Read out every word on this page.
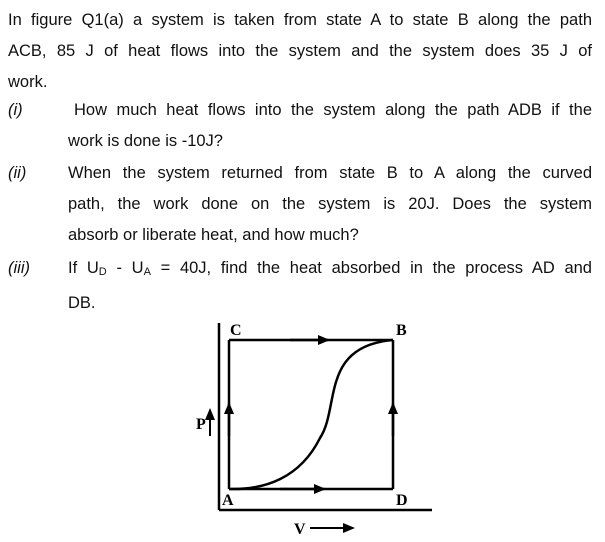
In figure Q1(a) a system is taken from state A to state B along the path
ACB, 85 J of heat flows into the system and the system does 35 J of
work.
(i)	How much heat flows into the system along the path ADB if the
work is done is -10J?
(ii)	When the system returned from state B to A along the curved
path, the work done on the system is 20J. Does the system
absorb or liberate heat, and how much?
(iii) If $U_D - U_A = 40J$, find the heat absorbed in the process AD and
DB.
C	B
A	D
P
V
